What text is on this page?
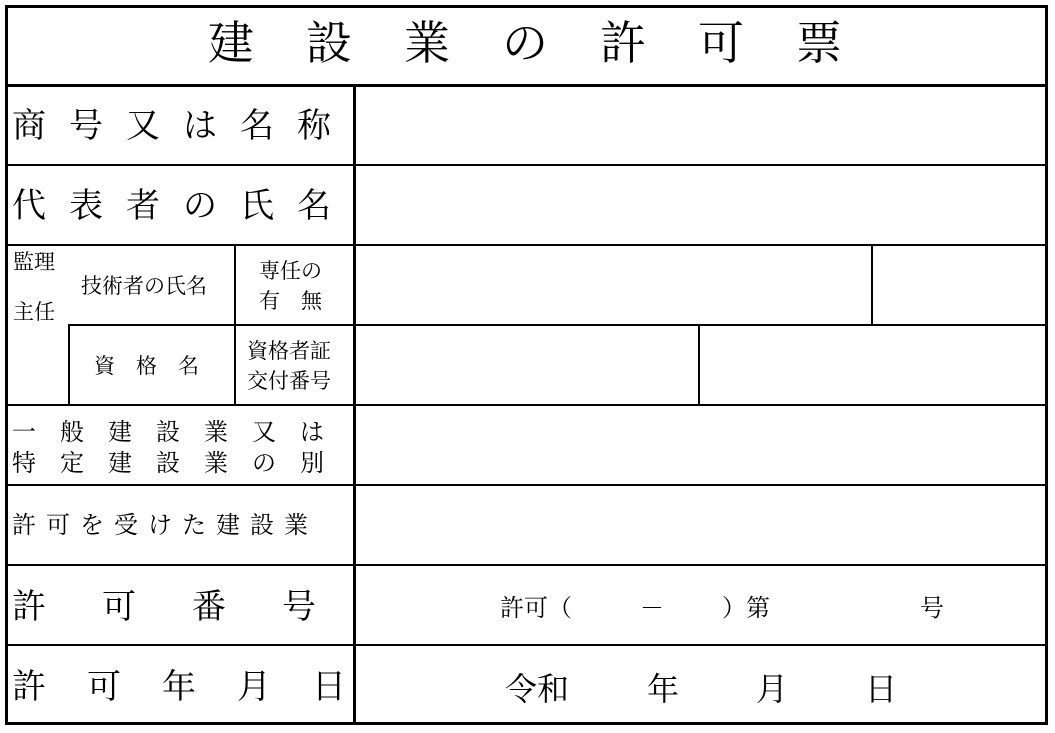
建設業の許可票
商号又は名称
代表者の氏名
監理
主任
技術者の氏名
専任の
有　無
資　格　名
資格者証
交付番号
一般建設業又は
特定建設業の別
許可を受けた建設業
許可番号
許可年月日
許可（	－ ）第	号
令和 年 月 日
